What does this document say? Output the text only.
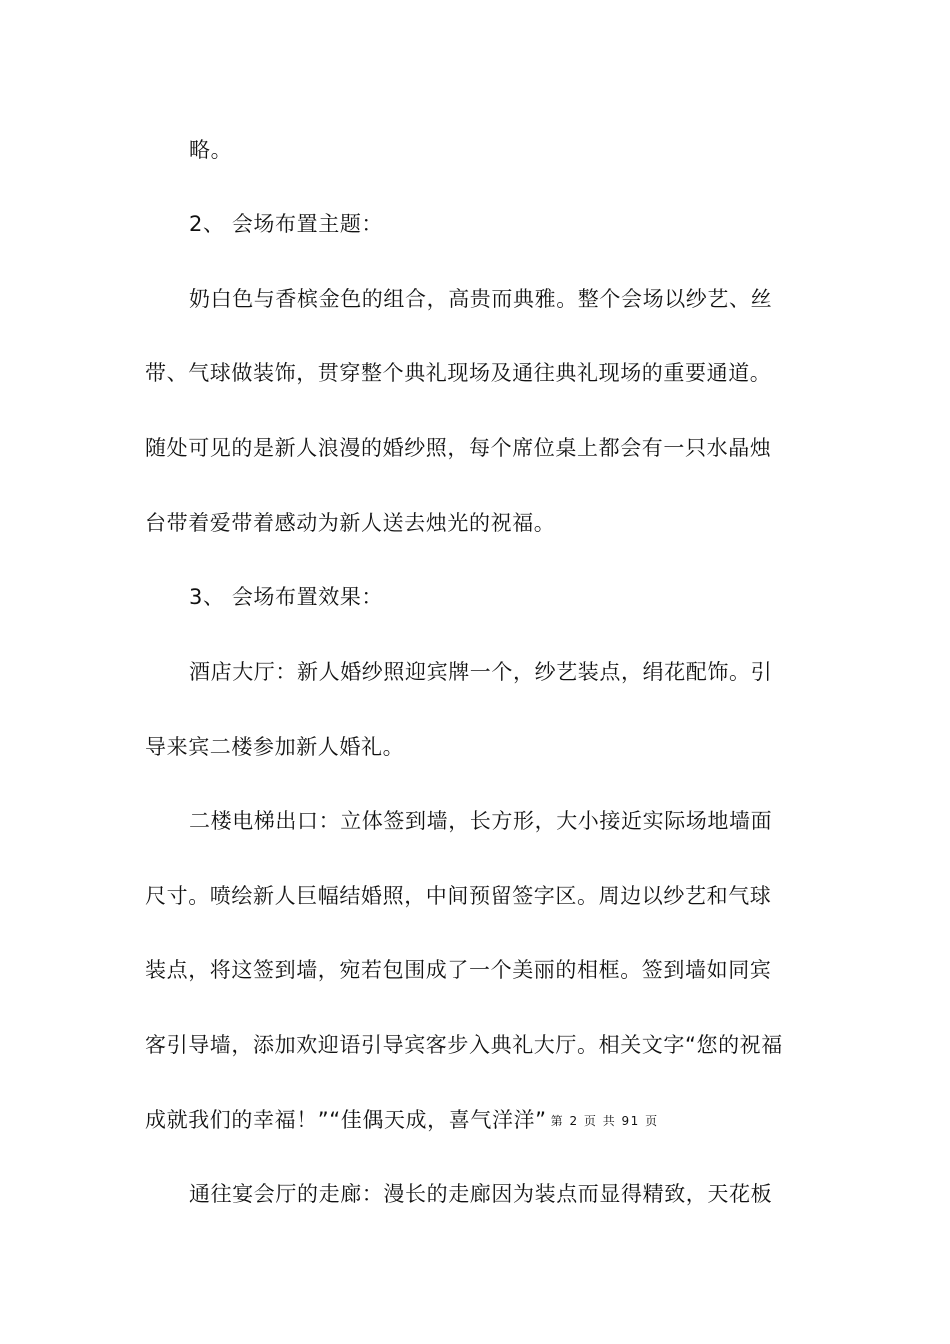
略。
2、 会场布置主题：
奶白色与香槟金色的组合，高贵而典雅。整个会场以纱艺、丝
带、气球做装饰，贯穿整个典礼现场及通往典礼现场的重要通道。
随处可见的是新人浪漫的婚纱照，每个席位桌上都会有一只水晶烛
台带着爱带着感动为新人送去烛光的祝福。
3、 会场布置效果：
酒店大厅：新人婚纱照迎宾牌一个，纱艺装点，绢花配饰。引
导来宾二楼参加新人婚礼。
二楼电梯出口：立体签到墙，长方形，大小接近实际场地墙面
尺寸。喷绘新人巨幅结婚照，中间预留签字区。周边以纱艺和气球
装点，将这签到墙，宛若包围成了一个美丽的相框。签到墙如同宾
客引导墙，添加欢迎语引导宾客步入典礼大厅。相关文字“您的祝福
成就我们的幸福！”“佳偶天成，喜气洋洋” 第 2 页 共 91 页
通往宴会厅的走廊：漫长的走廊因为装点而显得精致，天花板
